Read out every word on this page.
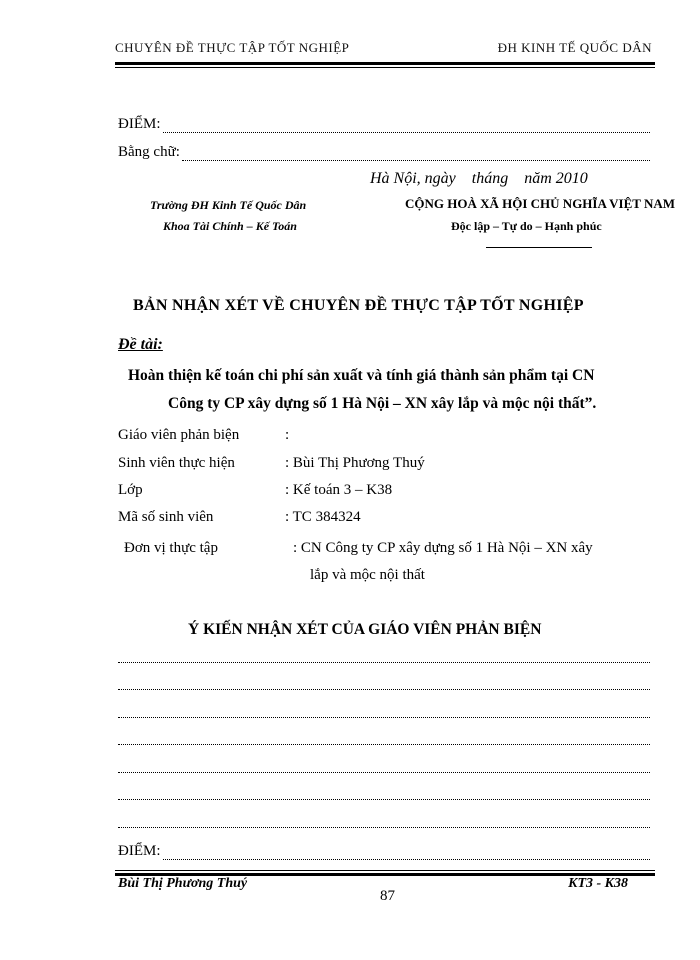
CHUYÊN ĐỀ THỰC TẬP TỐT NGHIỆP	ĐH KINH TẾ QUỐC DÂN
ĐIỂM:
Bằng chữ:
Hà Nội, ngày    tháng    năm 2010
Trường ĐH Kinh Tế Quốc Dân
Khoa Tài Chính – Kế Toán
CỘNG HOÀ XÃ HỘI CHỦ NGHĨA VIỆT NAM
Độc lập – Tự do – Hạnh phúc
BẢN NHẬN XÉT VỀ CHUYÊN ĐỀ THỰC TẬP TỐT NGHIỆP
Đề tài:
Hoàn thiện kế toán chi phí sản xuất và tính giá thành sản phẩm tại CN
Công ty CP xây dựng số 1 Hà Nội – XN xây lắp và mộc nội thất”.
Giáo viên phản biện	:
Sinh viên thực hiện	: Bùi Thị Phương Thuý
Lớp	: Kế toán 3 – K38
Mã số sinh viên	: TC 384324
Đơn vị thực tập	: CN Công ty CP xây dựng số 1 Hà Nội – XN xây
lắp và mộc nội thất
Ý KIẾN NHẬN XÉT CỦA GIÁO VIÊN PHẢN BIỆN
ĐIỂM:
Bùi Thị Phương Thuý
87
KT3 - K38
